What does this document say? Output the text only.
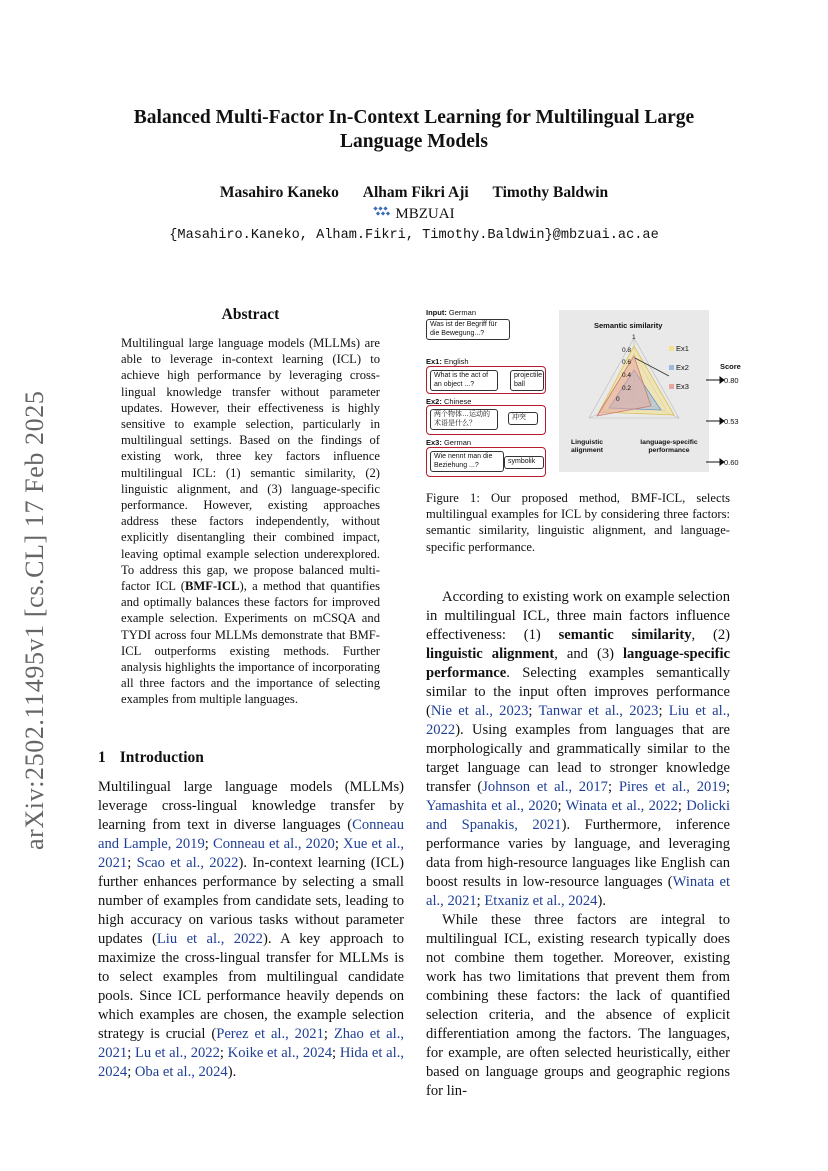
arXiv:2502.11495v1 [cs.CL] 17 Feb 2025
Balanced Multi-Factor In-Context Learning for Multilingual Large
Language Models
Masahiro Kaneko Alham Fikri Aji Timothy Baldwin
MBZUAI
{Masahiro.Kaneko, Alham.Fikri, Timothy.Baldwin}@mbzuai.ac.ae
Abstract
Multilingual large language models (MLLMs) are able to leverage in-context learning (ICL) to achieve high performance by leveraging cross-lingual knowledge transfer without parameter updates. However, their effectiveness is highly sensitive to example selection, particularly in multilingual settings. Based on the findings of existing work, three key factors influence multilingual ICL: (1) semantic similarity, (2) linguistic alignment, and (3) language-specific performance. However, existing approaches address these factors independently, without explicitly disentangling their combined impact, leaving optimal example selection underexplored. To address this gap, we propose balanced multi-factor ICL (BMF-ICL), a method that quantifies and optimally balances these factors for improved example selection. Experiments on mCSQA and TYDI across four MLLMs demonstrate that BMF-ICL outperforms existing methods. Further analysis highlights the importance of incorporating all three factors and the importance of selecting examples from multiple languages.
1 Introduction

Multilingual large language models (MLLMs) leverage cross-lingual knowledge transfer by learning from text in diverse languages (Conneau and Lample, 2019; Conneau et al., 2020; Xue et al., 2021; Scao et al., 2022). In-context learning (ICL) further enhances performance by selecting a small number of examples from candidate sets, leading to high accuracy on various tasks without parameter updates (Liu et al., 2022). A key approach to maximize the cross-lingual transfer for MLLMs is to select examples from multilingual candidate pools. Since ICL performance heavily depends on which examples are chosen, the example selection strategy is crucial (Perez et al., 2021; Zhao et al., 2021; Lu et al., 2022; Koike et al., 2024; Hida et al., 2024; Oba et al., 2024).

Input: German
Was ist der Begriff für die Bewegung...?
Ex1: English
What is the act of an object ...?
projectile ball
Ex2: Chinese
两个物体…运动的术语是什么？
冲突
Ex3: German
Wie nennt man die Beziehung ...?	symbolik
Semantic similarity
1
0.8
0.6
0.4
0.2
0
Ex1
Ex2
Ex3
Linguistic alignment
language-specific performance
Score
0.80
0.53
0.60
Figure 1: Our proposed method, BMF-ICL, selects multilingual examples for ICL by considering three factors: semantic similarity, linguistic alignment, and language-specific performance.
According to existing work on example selection in multilingual ICL, three main factors influence effectiveness: (1) semantic similarity, (2) linguistic alignment, and (3) language-specific performance. Selecting examples semantically similar to the input often improves performance (Nie et al., 2023; Tanwar et al., 2023; Liu et al., 2022). Using examples from languages that are morphologically and grammatically similar to the target language can lead to stronger knowledge transfer (Johnson et al., 2017; Pires et al., 2019; Yamashita et al., 2020; Winata et al., 2022; Dolicki and Spanakis, 2021). Furthermore, inference performance varies by language, and leveraging data from high-resource languages like English can boost results in low-resource languages (Winata et al., 2021; Etxaniz et al., 2024).
While these three factors are integral to multilingual ICL, existing research typically does not combine them together. Moreover, existing work has two limitations that prevent them from combining these factors: the lack of quantified selection criteria, and the absence of explicit differentiation among the factors. The languages, for example, are often selected heuristically, either based on language groups and geographic regions for lin-
